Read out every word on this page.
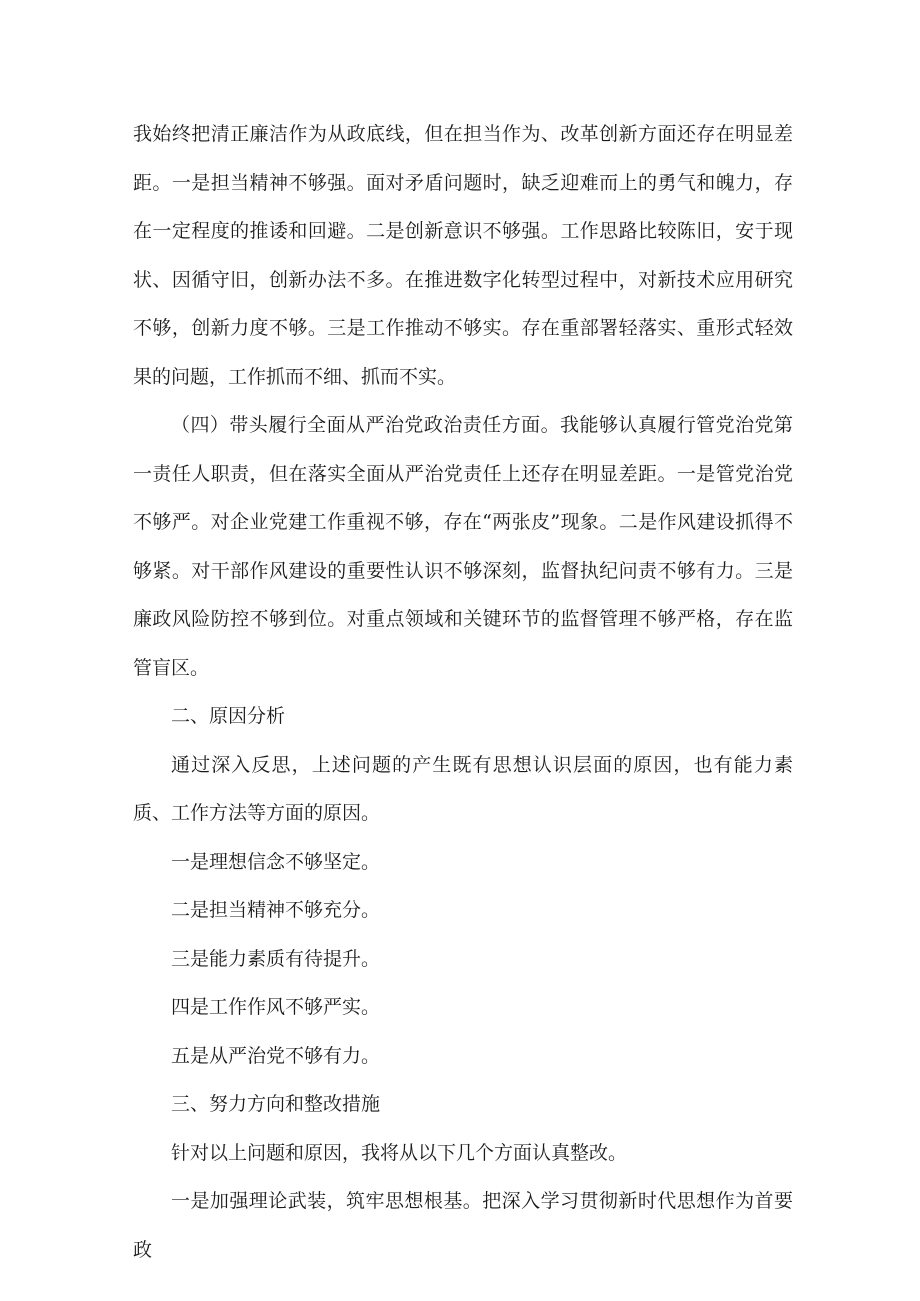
我始终把清正廉洁作为从政底线，但在担当作为、改革创新方面还存在明显差距。一是担当精神不够强。面对矛盾问题时，缺乏迎难而上的勇气和魄力，存在一定程度的推诿和回避。二是创新意识不够强。工作思路比较陈旧，安于现状、因循守旧，创新办法不多。在推进数字化转型过程中，对新技术应用研究不够，创新力度不够。三是工作推动不够实。存在重部署轻落实、重形式轻效果的问题，工作抓而不细、抓而不实。

（四）带头履行全面从严治党政治责任方面。我能够认真履行管党治党第一责任人职责，但在落实全面从严治党责任上还存在明显差距。一是管党治党不够严。对企业党建工作重视不够，存在“两张皮”现象。二是作风建设抓得不够紧。对干部作风建设的重要性认识不够深刻，监督执纪问责不够有力。三是廉政风险防控不够到位。对重点领域和关键环节的监督管理不够严格，存在监管盲区。

二、原因分析

通过深入反思，上述问题的产生既有思想认识层面的原因，也有能力素质、工作方法等方面的原因。

一是理想信念不够坚定。

二是担当精神不够充分。

三是能力素质有待提升。

四是工作作风不够严实。

五是从严治党不够有力。

三、努力方向和整改措施

针对以上问题和原因，我将从以下几个方面认真整改。

一是加强理论武装，筑牢思想根基。把深入学习贯彻新时代思想作为首要政
